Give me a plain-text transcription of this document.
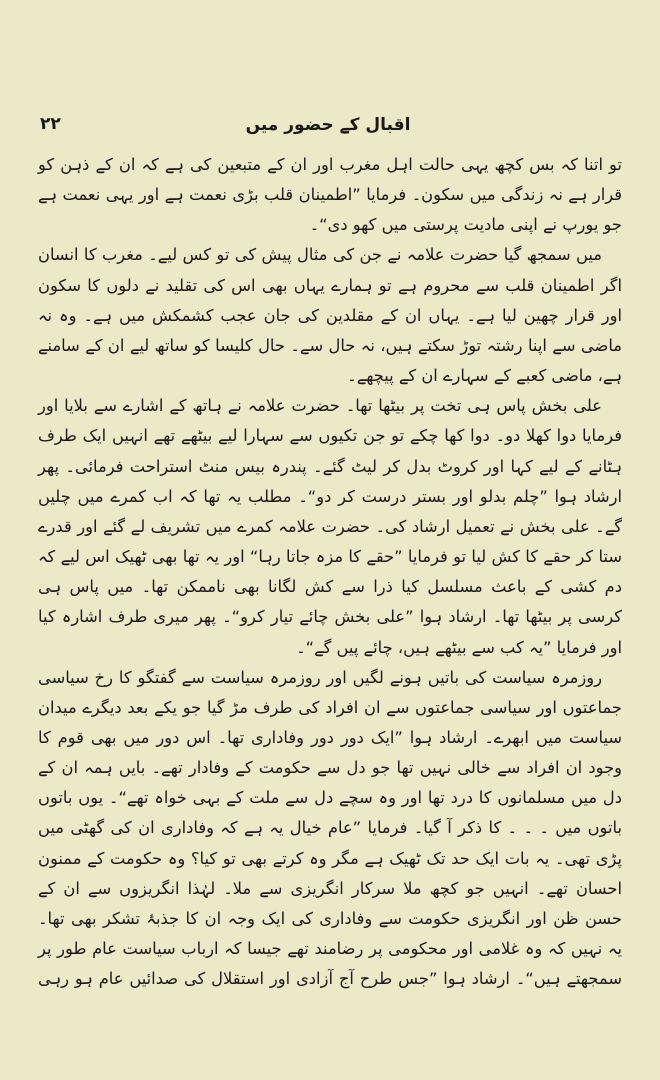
٢٢	اقبال کے حضور میں

تو اتنا کہ بس کچھ یہی حالت اہل مغرب اور ان کے متبعین کی ہے کہ ان کے ذہن کو قرار ہے نہ زندگی میں سکون۔ فرمایا ”اطمینان قلب بڑی نعمت ہے اور یہی نعمت ہے جو یورپ نے اپنی مادیت پرستی میں کھو دی“۔

میں سمجھ گیا حضرت علامہ نے جن کی مثال پیش کی تو کس لیے۔ مغرب کا انسان اگر اطمینان قلب سے محروم ہے تو ہمارے یہاں بھی اس کی تقلید نے دلوں کا سکون اور قرار چھین لیا ہے۔ یہاں ان کے مقلدین کی جان عجب کشمکش میں ہے۔ وہ نہ ماضی سے اپنا رشتہ توڑ سکتے ہیں، نہ حال سے۔ حال کلیسا کو ساتھ لیے ان کے سامنے ہے، ماضی کعبے کے سہارے ان کے پیچھے۔

علی بخش پاس ہی تخت پر بیٹھا تھا۔ حضرت علامہ نے ہاتھ کے اشارے سے بلایا اور فرمایا دوا کھلا دو۔ دوا کھا چکے تو جن تکیوں سے سہارا لیے بیٹھے تھے انہیں ایک طرف ہٹانے کے لیے کہا اور کروٹ بدل کر لیٹ گئے۔ پندرہ بیس منٹ استراحت فرمائی۔ پھر ارشاد ہوا ”چلم بدلو اور بستر درست کر دو“۔ مطلب یہ تھا کہ اب کمرے میں چلیں گے۔ علی بخش نے تعمیل ارشاد کی۔ حضرت علامہ کمرے میں تشریف لے گئے اور قدرے ستا کر حقے کا کش لیا تو فرمایا ”حقے کا مزہ جاتا رہا“ اور یہ تھا بھی ٹھیک اس لیے کہ دم کشی کے باعث مسلسل کیا ذرا سے کش لگانا بھی ناممکن تھا۔ میں پاس ہی کرسی پر بیٹھا تھا۔ ارشاد ہوا ”علی بخش چائے تیار کرو“۔ پھر میری طرف اشارہ کیا اور فرمایا ”یہ کب سے بیٹھے ہیں، چائے پیں گے“۔

روزمرہ سیاست کی باتیں ہونے لگیں اور روزمرہ سیاست سے گفتگو کا رخ سیاسی جماعتوں اور سیاسی جماعتوں سے ان افراد کی طرف مڑ گیا جو یکے بعد دیگرے میدان سیاست میں ابھرے۔ ارشاد ہوا ”ایک دور دور وفاداری تھا۔ اس دور میں بھی قوم کا وجود ان افراد سے خالی نہیں تھا جو دل سے حکومت کے وفادار تھے۔ بایں ہمہ ان کے دل میں مسلمانوں کا درد تھا اور وہ سچے دل سے ملت کے بہی خواہ تھے“۔ یوں باتوں باتوں میں ۔ ۔ ۔ کا ذکر آ گیا۔ فرمایا ”عام خیال یہ ہے کہ وفاداری ان کی گھٹی میں پڑی تھی۔ یہ بات ایک حد تک ٹھیک ہے مگر وہ کرتے بھی تو کیا؟ وہ حکومت کے ممنون احسان تھے۔ انہیں جو کچھ ملا سرکار انگریزی سے ملا۔ لہٰذا انگریزوں سے ان کے حسن ظن اور انگریزی حکومت سے وفاداری کی ایک وجہ ان کا جذبۂ تشکر بھی تھا۔ یہ نہیں کہ وہ غلامی اور محکومی پر رضامند تھے جیسا کہ ارباب سیاست عام طور پر سمجھتے ہیں“۔ ارشاد ہوا ”جس طرح آج آزادی اور استقلال کی صدائیں عام ہو رہی
